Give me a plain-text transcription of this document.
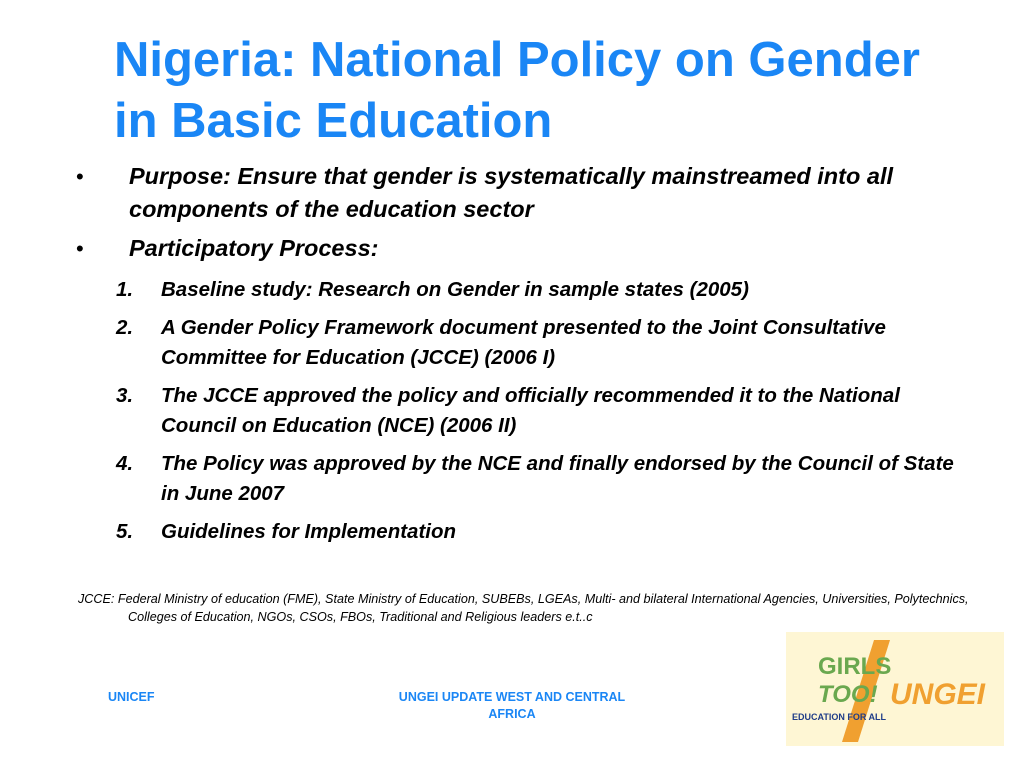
Nigeria: National Policy on Gender in Basic Education
• Purpose: Ensure that gender is systematically mainstreamed into all components of the education sector
• Participatory Process:
1. Baseline study: Research on Gender in sample states (2005)
2. A Gender Policy Framework document presented to the Joint Consultative Committee for Education (JCCE) (2006 I)
3. The JCCE approved the policy and officially recommended it to the National Council on Education (NCE) (2006 II)
4. The Policy was approved by the NCE and finally endorsed by the Council of State in June 2007
5. Guidelines for Implementation
JCCE: Federal Ministry of education (FME), State Ministry of Education, SUBEBs, LGEAs, Multi- and bilateral International Agencies, Universities, Polytechnics, Colleges of Education, NGOs, CSOs, FBOs, Traditional and Religious leaders e.t..c
UNICEF	UNGEI UPDATE WEST AND CENTRAL AFRICA
GIRLS
TOO!
EDUCATION FOR ALL
UNGEI
